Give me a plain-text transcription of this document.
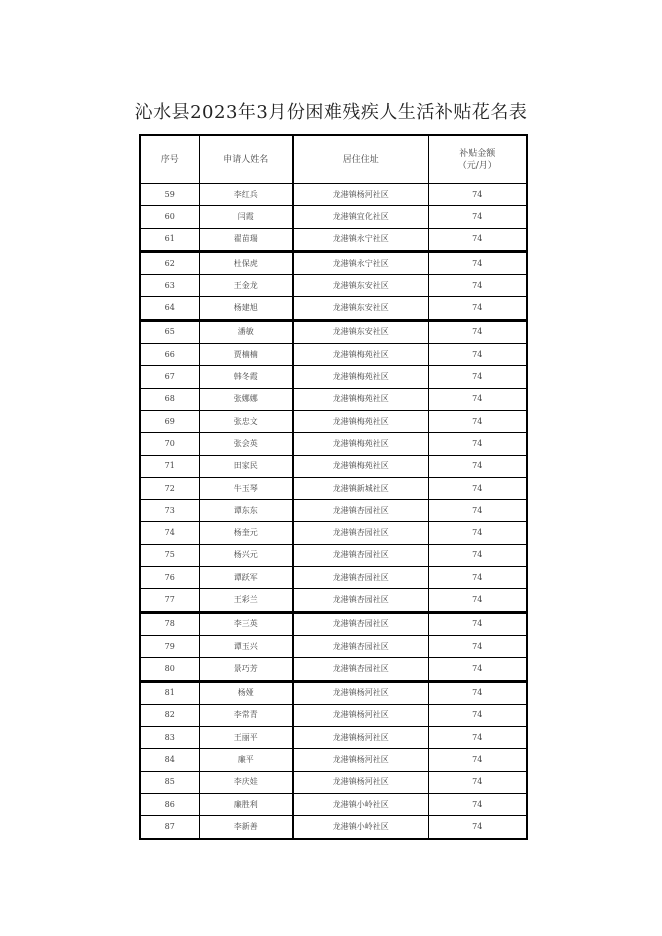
沁水县2023年3月份困难残疾人生活补贴花名表
序号	申请人姓名	居住住址	补贴金额
（元/月）

59	李红兵	龙港镇杨河社区	74
60	闫霞	龙港镇宜化社区	74
61	翟苗瑞	龙港镇永宁社区	74
62	杜保虎	龙港镇永宁社区	74
63	王金龙	龙港镇东安社区	74
64	杨建旭	龙港镇东安社区	74
65	潘敏	龙港镇东安社区	74
66	贾楠楠	龙港镇梅苑社区	74
67	韩冬霞	龙港镇梅苑社区	74
68	张娜娜	龙港镇梅苑社区	74
69	张忠文	龙港镇梅苑社区	74
70	张会英	龙港镇梅苑社区	74
71	田家民	龙港镇梅苑社区	74
72	牛玉琴	龙港镇新城社区	74
73	谭东东	龙港镇杏园社区	74
74	杨奎元	龙港镇杏园社区	74
75	杨兴元	龙港镇杏园社区	74
76	谭跃军	龙港镇杏园社区	74
77	王彩兰	龙港镇杏园社区	74
78	李三英	龙港镇杏园社区	74
79	谭玉兴	龙港镇杏园社区	74
80	景巧芳	龙港镇杏园社区	74
81	杨娅	龙港镇杨河社区	74
82	李常青	龙港镇杨河社区	74
83	王丽平	龙港镇杨河社区	74
84	廉平	龙港镇杨河社区	74
85	李庆娃	龙港镇杨河社区	74
86	廉胜利	龙港镇小岭社区	74
87	李新善	龙港镇小岭社区	74
